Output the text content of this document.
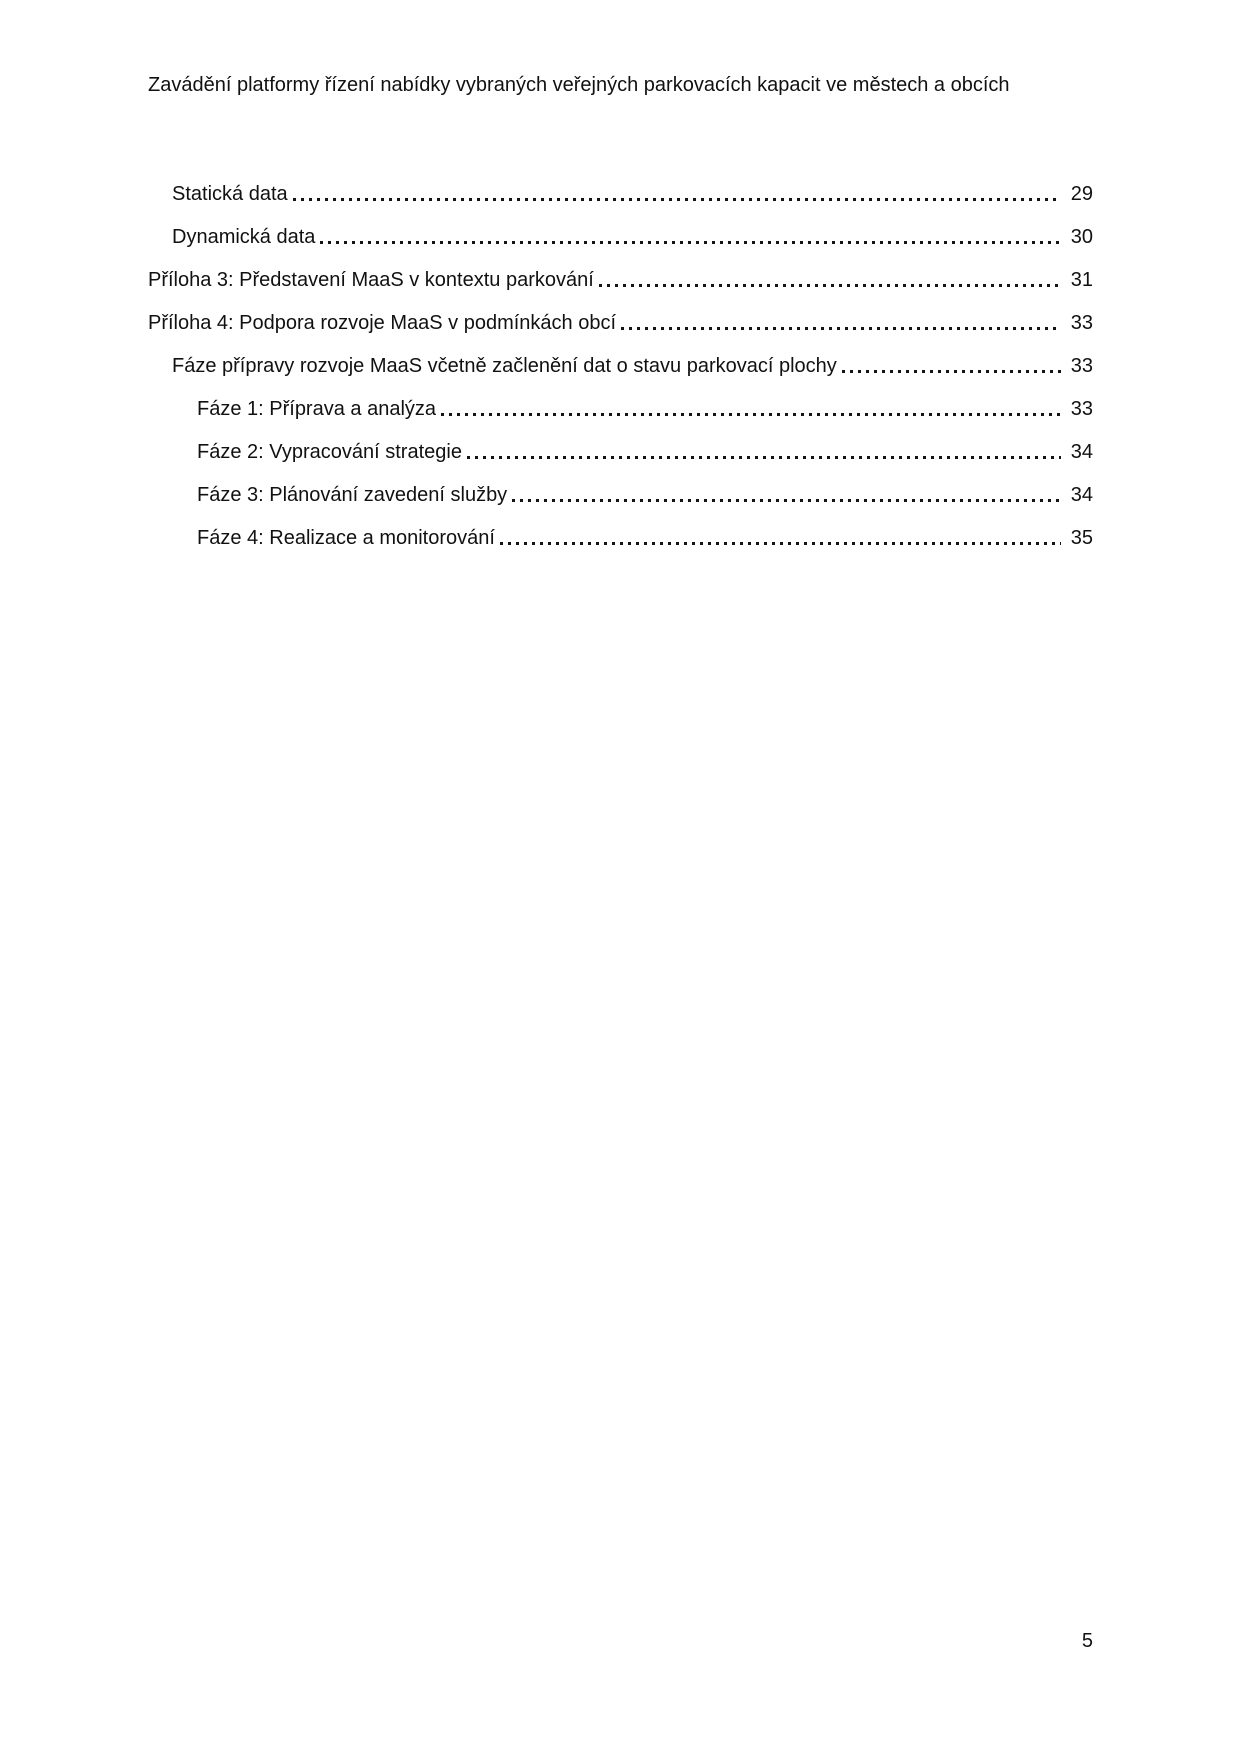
Zavádění platformy řízení nabídky vybraných veřejných parkovacích kapacit ve městech a obcích
Statická data	29
Dynamická data	30
Příloha 3: Představení MaaS v kontextu parkování	31
Příloha 4: Podpora rozvoje MaaS v podmínkách obcí	33
Fáze přípravy rozvoje MaaS včetně začlenění dat o stavu parkovací plochy	33
Fáze 1: Příprava a analýza	33
Fáze 2: Vypracování strategie	34
Fáze 3: Plánování zavedení služby	34
Fáze 4: Realizace a monitorování	35
5
